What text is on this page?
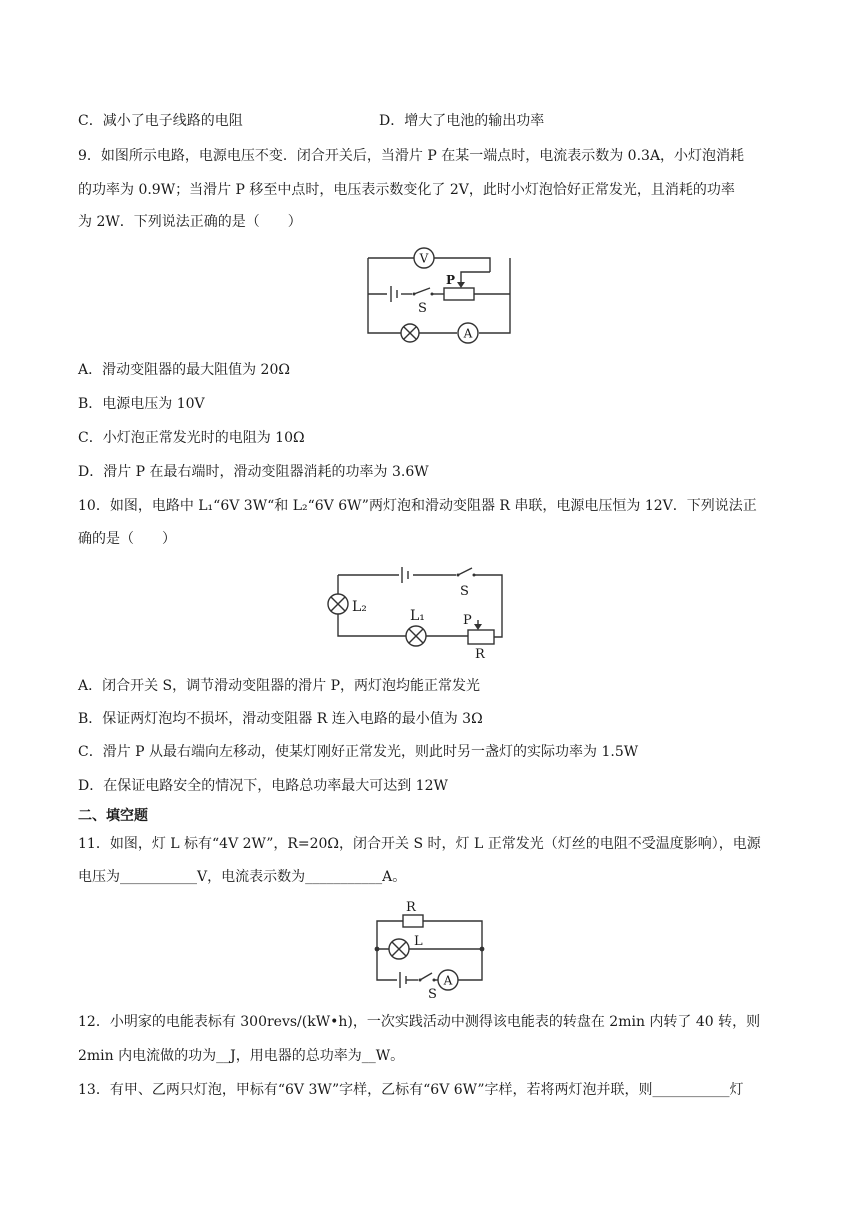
C．减小了电子线路的电阻	D．增大了电池的输出功率
9．如图所示电路，电源电压不变．闭合开关后，当滑片 P 在某一端点时，电流表示数为 0.3A，小灯泡消耗
的功率为 0.9W；当滑片 P 移至中点时，电压表示数变化了 2V，此时小灯泡恰好正常发光，且消耗的功率
为 2W．下列说法正确的是（　　）
S
P
V
A
A．滑动变阻器的最大阻值为 20Ω
B．电源电压为 10V
C．小灯泡正常发光时的电阻为 10Ω
D．滑片 P 在最右端时，滑动变阻器消耗的功率为 3.6W
10．如图，电路中 L₁“6V 3W“和 L₂“6V 6W”两灯泡和滑动变阻器 R 串联，电源电压恒为 12V．下列说法正
确的是（　　）
S
L₂
L₁	P
R
A．闭合开关 S，调节滑动变阻器的滑片 P，两灯泡均能正常发光
B．保证两灯泡均不损坏，滑动变阻器 R 连入电路的最小值为 3Ω
C．滑片 P 从最右端向左移动，使某灯刚好正常发光，则此时另一盏灯的实际功率为 1.5W
D．在保证电路安全的情况下，电路总功率最大可达到 12W
二、填空题
11．如图，灯 L 标有“4V 2W”，R=20Ω，闭合开关 S 时，灯 L 正常发光（灯丝的电阻不受温度影响），电源
电压为___________V，电流表示数为___________A。
R
L
S
A
12．小明家的电能表标有 300revs/(kW•h)，一次实践活动中测得该电能表的转盘在 2min 内转了 40 转，则
2min 内电流做的功为__J，用电器的总功率为__W。
13．有甲、乙两只灯泡，甲标有“6V 3W”字样，乙标有“6V 6W”字样，若将两灯泡并联，则___________灯
